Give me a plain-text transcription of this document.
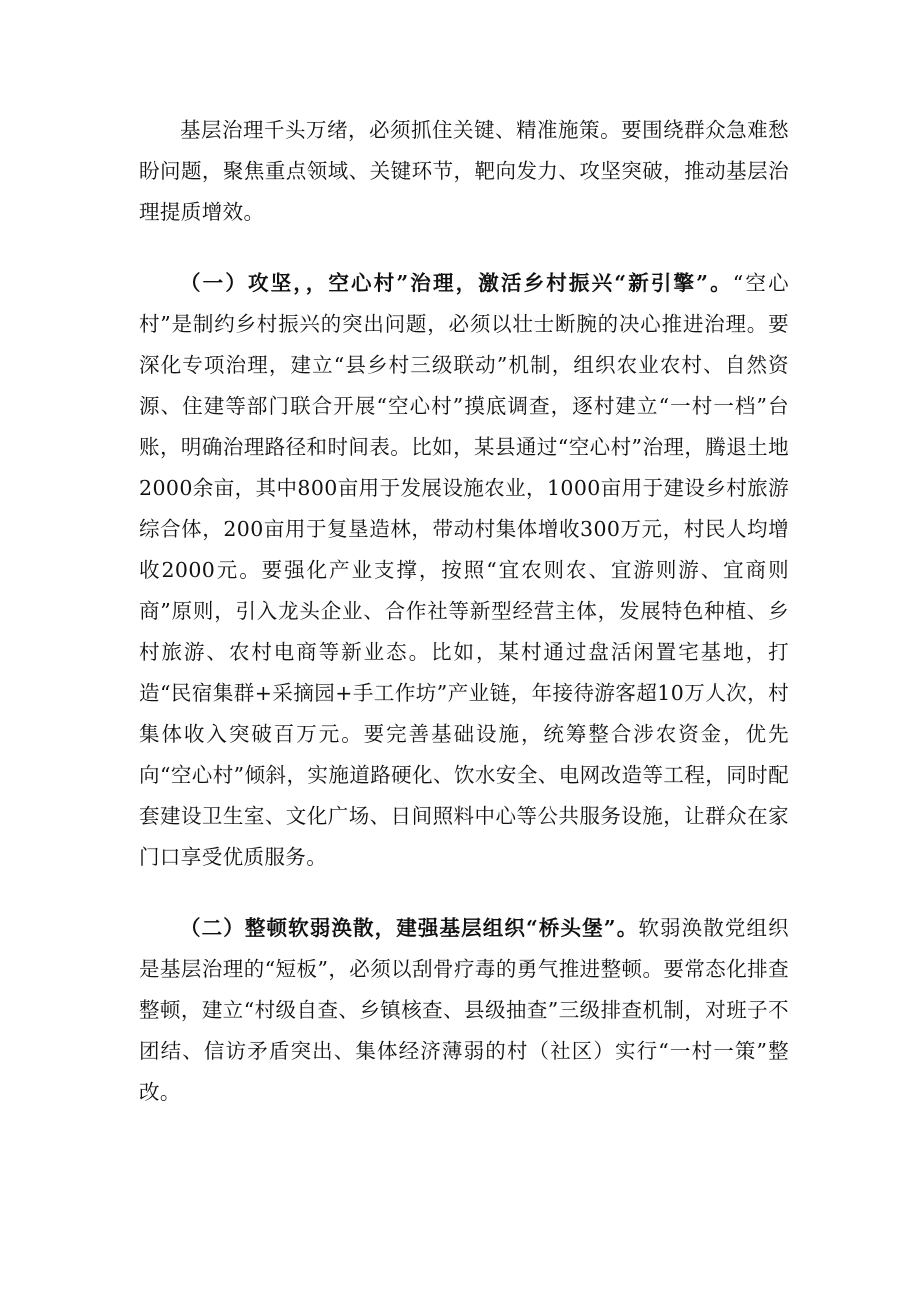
基层治理千头万绪，必须抓住关键、精准施策。要围绕群众急难愁盼问题，聚焦重点领域、关键环节，靶向发力、攻坚突破，推动基层治理提质增效。

（一）攻坚，，空心村”治理，激活乡村振兴“新引擎”。“空心村”是制约乡村振兴的突出问题，必须以壮士断腕的决心推进治理。要深化专项治理，建立“县乡村三级联动”机制，组织农业农村、自然资源、住建等部门联合开展“空心村”摸底调查，逐村建立“一村一档”台账，明确治理路径和时间表。比如，某县通过“空心村”治理，腾退土地2000余亩，其中800亩用于发展设施农业，1000亩用于建设乡村旅游综合体，200亩用于复垦造林，带动村集体增收300万元，村民人均增收2000元。要强化产业支撑，按照“宜农则农、宜游则游、宜商则商”原则，引入龙头企业、合作社等新型经营主体，发展特色种植、乡村旅游、农村电商等新业态。比如，某村通过盘活闲置宅基地，打造“民宿集群+采摘园+手工作坊”产业链，年接待游客超10万人次，村集体收入突破百万元。要完善基础设施，统筹整合涉农资金，优先向“空心村”倾斜，实施道路硬化、饮水安全、电网改造等工程，同时配套建设卫生室、文化广场、日间照料中心等公共服务设施，让群众在家门口享受优质服务。

（二）整顿软弱涣散，建强基层组织“桥头堡”。软弱涣散党组织是基层治理的“短板”，必须以刮骨疗毒的勇气推进整顿。要常态化排查整顿，建立“村级自查、乡镇核查、县级抽查”三级排查机制，对班子不团结、信访矛盾突出、集体经济薄弱的村（社区）实行“一村一策”整改。
